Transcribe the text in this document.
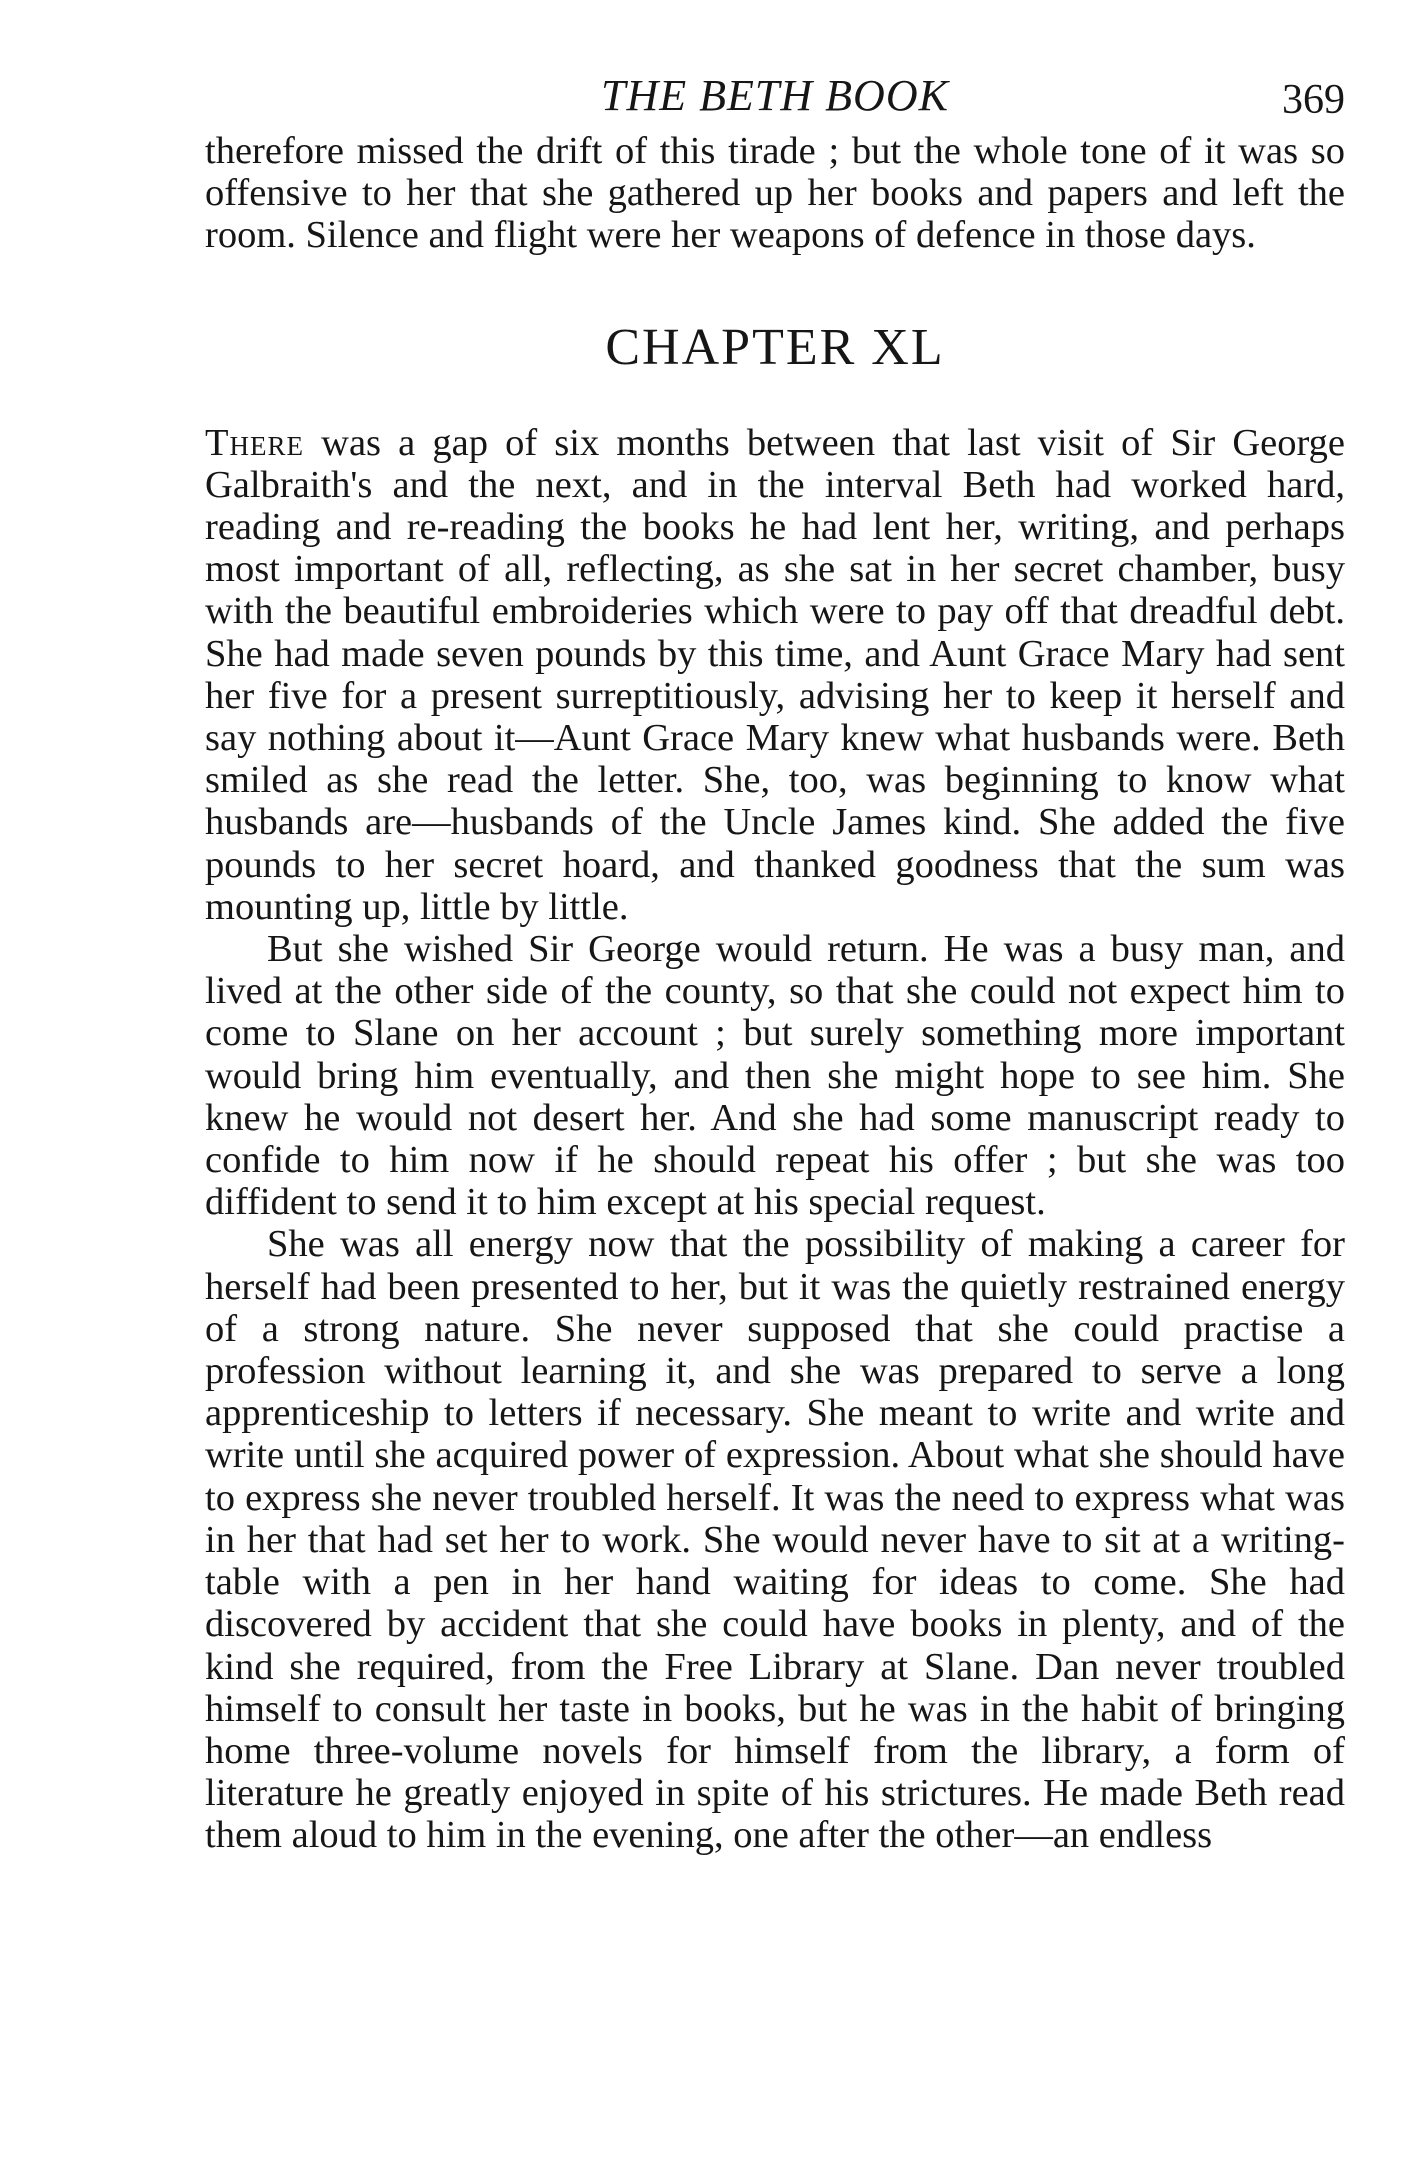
THE BETH BOOK	369

therefore missed the drift of this tirade ; but the whole tone of it was so offensive to her that she gathered up her books and papers and left the room. Silence and flight were her weapons of defence in those days.

CHAPTER XL

There was a gap of six months between that last visit of Sir George Galbraith's and the next, and in the interval Beth had worked hard, reading and re-reading the books he had lent her, writing, and perhaps most important of all, reflecting, as she sat in her secret chamber, busy with the beautiful embroideries which were to pay off that dreadful debt. She had made seven pounds by this time, and Aunt Grace Mary had sent her five for a present surreptitiously, advising her to keep it herself and say nothing about it—Aunt Grace Mary knew what husbands were. Beth smiled as she read the letter. She, too, was beginning to know what husbands are—husbands of the Uncle James kind. She added the five pounds to her secret hoard, and thanked goodness that the sum was mounting up, little by little.

But she wished Sir George would return. He was a busy man, and lived at the other side of the county, so that she could not expect him to come to Slane on her account ; but surely something more important would bring him eventually, and then she might hope to see him. She knew he would not desert her. And she had some manuscript ready to confide to him now if he should repeat his offer ; but she was too diffident to send it to him except at his special request.

She was all energy now that the possibility of making a career for herself had been presented to her, but it was the quietly restrained energy of a strong nature. She never supposed that she could practise a profession without learning it, and she was prepared to serve a long apprenticeship to letters if necessary. She meant to write and write and write until she acquired power of expression. About what she should have to express she never troubled herself. It was the need to express what was in her that had set her to work. She would never have to sit at a writing-table with a pen in her hand waiting for ideas to come. She had discovered by accident that she could have books in plenty, and of the kind she required, from the Free Library at Slane. Dan never troubled himself to consult her taste in books, but he was in the habit of bringing home three-volume novels for himself from the library, a form of literature he greatly enjoyed in spite of his strictures. He made Beth read them aloud to him in the evening, one after the other—an endless
